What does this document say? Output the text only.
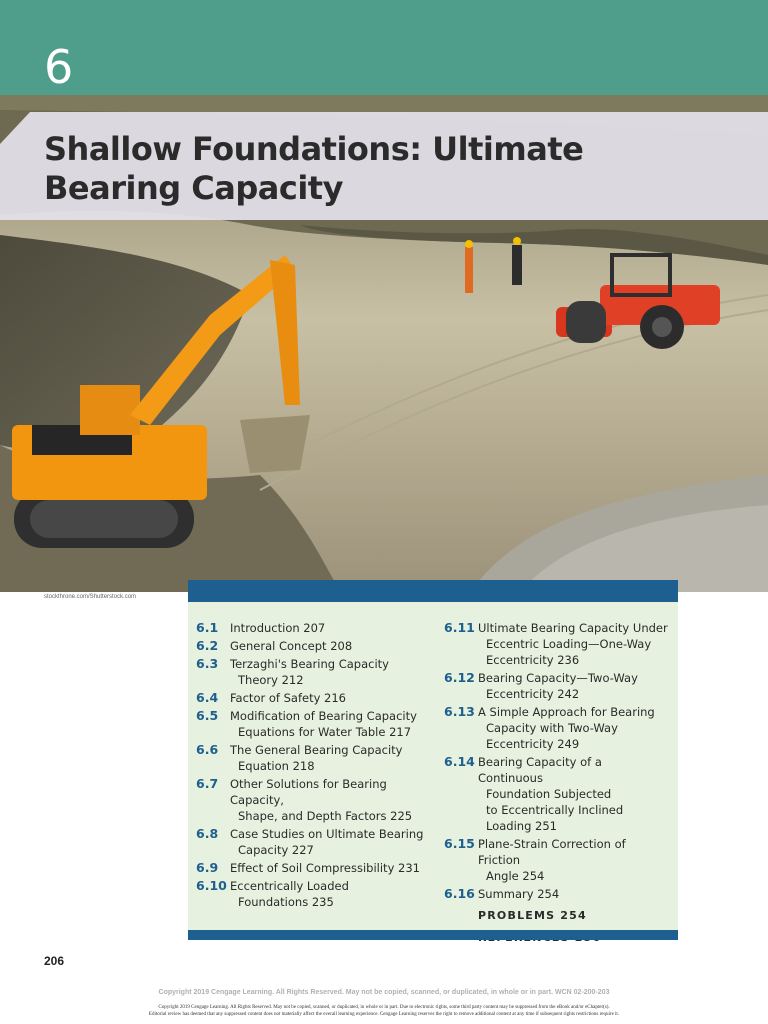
6
Shallow Foundations: Ultimate Bearing Capacity
stockthrone.com/Shutterstock.com
6.1	Introduction 207
6.2	General Concept 208
6.3	Terzaghi's Bearing Capacity
Theory 212
6.4	Factor of Safety 216
6.5	Modification of Bearing Capacity
Equations for Water Table 217
6.6	The General Bearing Capacity
Equation 218
6.7	Other Solutions for Bearing Capacity,
Shape, and Depth Factors 225
6.8	Case Studies on Ultimate Bearing
Capacity 227
6.9	Effect of Soil Compressibility 231
6.10 Eccentrically Loaded
Foundations 235
6.11 Ultimate Bearing Capacity Under
Eccentric Loading—One-Way
Eccentricity 236
6.12 Bearing Capacity—Two-Way
Eccentricity 242
6.13 A Simple Approach for Bearing
Capacity with Two-Way
Eccentricity 249
6.14 Bearing Capacity of a Continuous
Foundation Subjected
to Eccentrically Inclined
Loading 251
6.15 Plane-Strain Correction of Friction
Angle 254
6.16 Summary 254
PROBLEMS 254
206
Copyright 2019 Cengage Learning. All Rights Reserved. May not be copied, scanned, or duplicated, in whole or in part. WCN 02-200-203
Copyright 2019 Cengage Learning. All Rights Reserved. May not be copied, scanned, or duplicated, in whole or in part. Due to electronic rights, some third party content may be suppressed from the eBook and/or eChapter(s).
Editorial review has deemed that any suppressed content does not materially affect the overall learning experience. Cengage Learning reserves the right to remove additional content at any time if subsequent rights restrictions require it.
